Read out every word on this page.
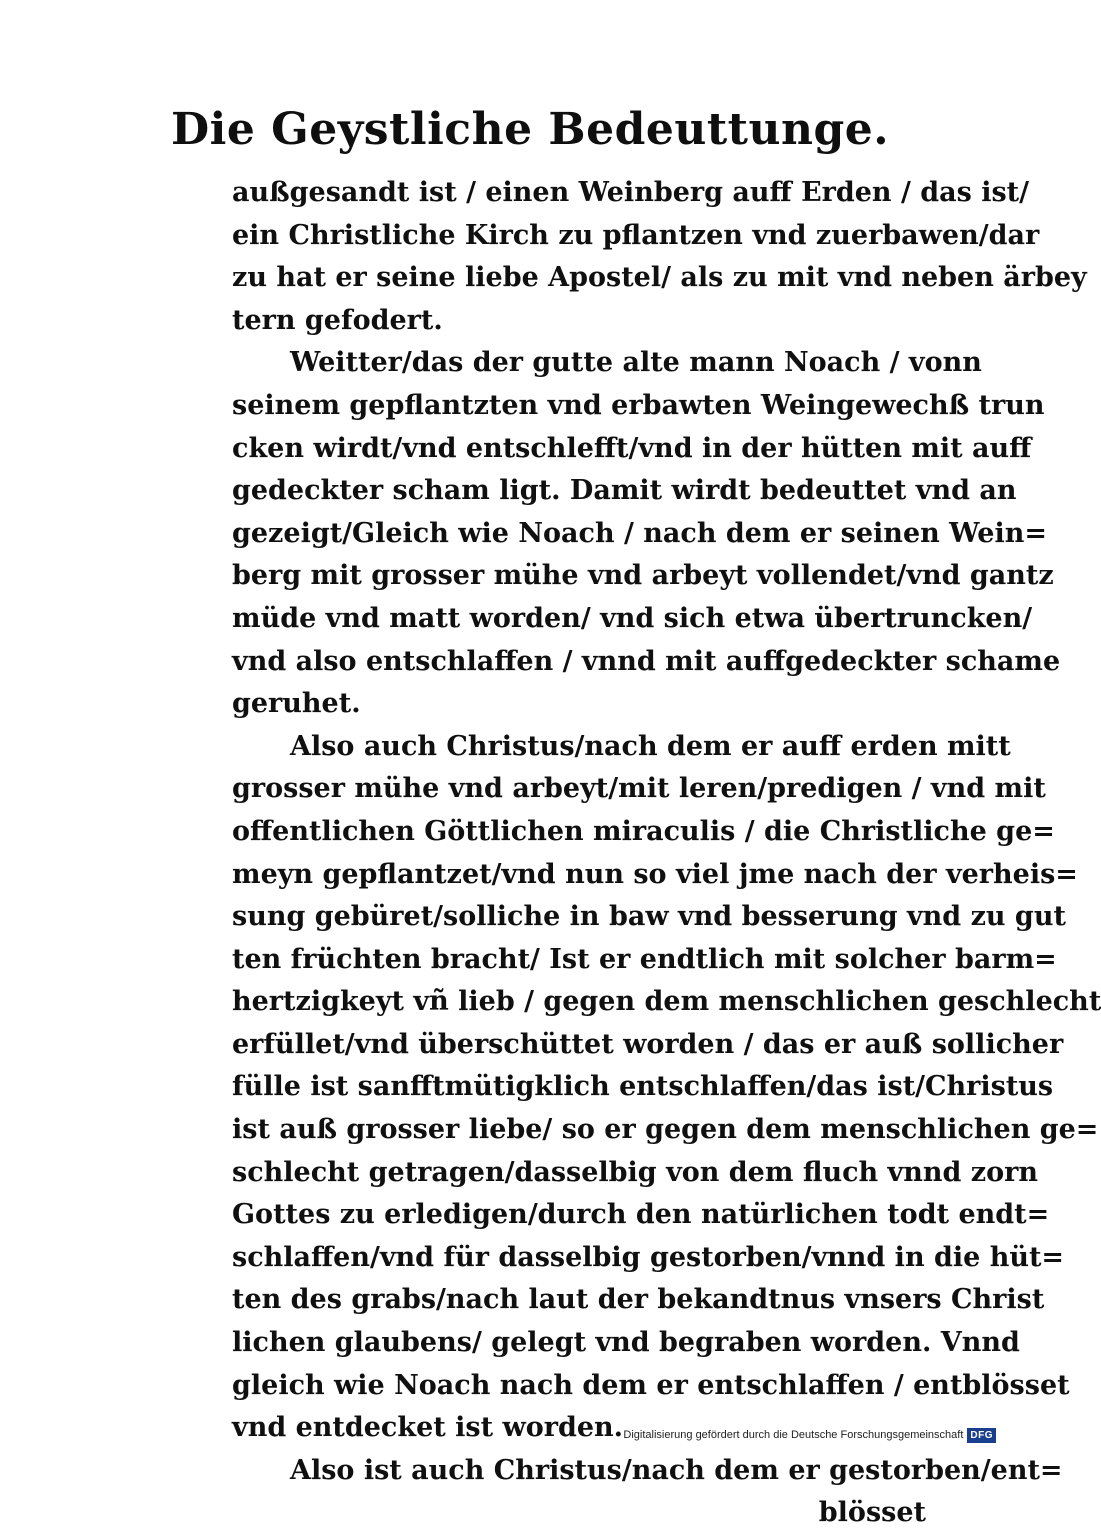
Die Geystliche Bedeuttunge.
außgesandt ist / einen Weinberg auff Erden / das ist/
ein Christliche Kirch zu pflantzen vnd zuerbawen/dar
zu hat er seine liebe Apostel/ als zu mit vnd neben ärbey
tern gefodert.
Weitter/das der gutte alte mann Noach / vonn
seinem gepflantzten vnd erbawten Weingewechß trun
cken wirdt/vnd entschlefft/vnd in der hütten mit auff
gedeckter scham ligt. Damit wirdt bedeuttet vnd an
gezeigt/Gleich wie Noach / nach dem er seinen Wein=
berg mit grosser mühe vnd arbeyt vollendet/vnd gantz
müde vnd matt worden/ vnd sich etwa übertruncken/
vnd also entschlaffen / vnnd mit auffgedeckter schame
geruhet.
Also auch Christus/nach dem er auff erden mitt
grosser mühe vnd arbeyt/mit leren/predigen / vnd mit
offentlichen Göttlichen miraculis / die Christliche ge=
meyn gepflantzet/vnd nun so viel jme nach der verheis=
sung gebüret/solliche in baw vnd besserung vnd zu gut
ten früchten bracht/ Ist er endtlich mit solcher barm=
hertzigkeyt vñ lieb / gegen dem menschlichen geschlecht
erfüllet/vnd überschüttet worden / das er auß sollicher
fülle ist sanfftmütigklich entschlaffen/das ist/Christus
ist auß grosser liebe/ so er gegen dem menschlichen ge=
schlecht getragen/dasselbig von dem fluch vnnd zorn
Gottes zu erledigen/durch den natürlichen todt endt=
schlaffen/vnd für dasselbig gestorben/vnnd in die hüt=
ten des grabs/nach laut der bekandtnus vnsers Christ
lichen glaubens/ gelegt vnd begraben worden. Vnnd
gleich wie Noach nach dem er entschlaffen / entblösset
vnd entdecket ist worden.
Also ist auch Christus/nach dem er gestorben/ent=
blösset
Digitalisierung gefördert durch die Deutsche Forschungsgemeinschaft DFG
